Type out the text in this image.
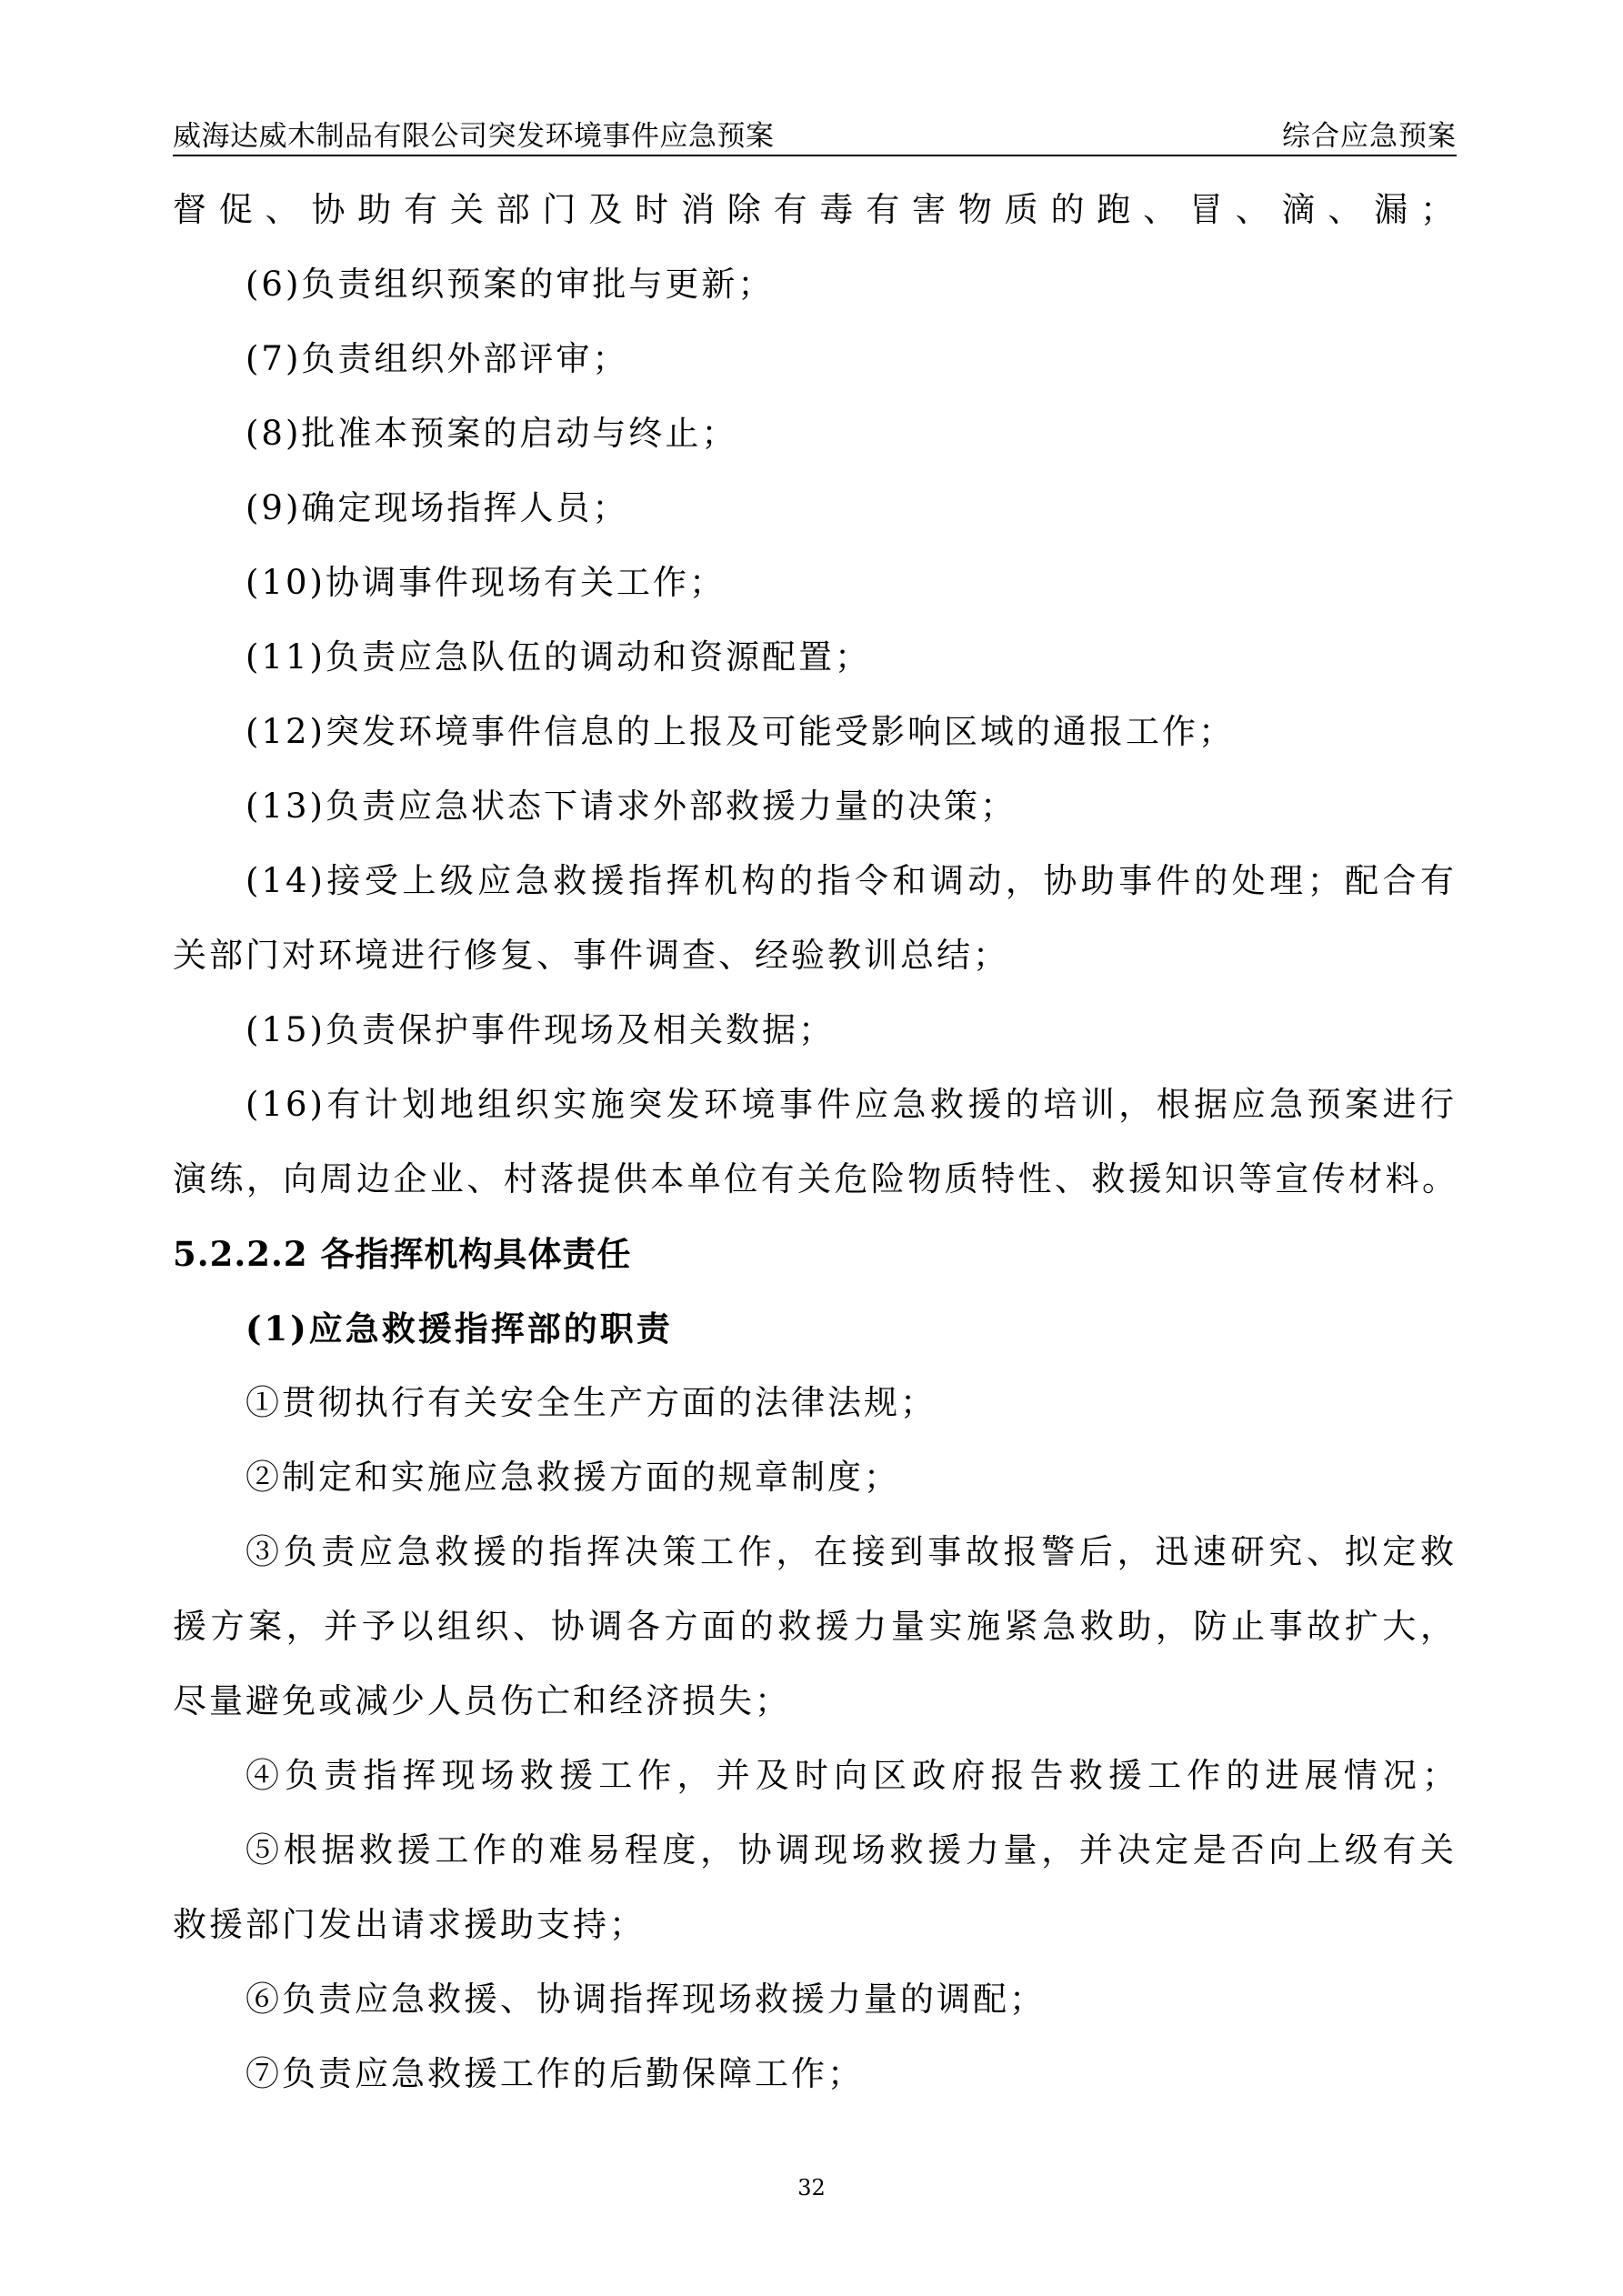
威海达威木制品有限公司突发环境事件应急预案	综合应急预案
督促、协助有关部门及时消除有毒有害物质的跑、冒、滴、漏；
(6)负责组织预案的审批与更新；
(7)负责组织外部评审；
(8)批准本预案的启动与终止；
(9)确定现场指挥人员；
(10)协调事件现场有关工作；
(11)负责应急队伍的调动和资源配置；
(12)突发环境事件信息的上报及可能受影响区域的通报工作；
(13)负责应急状态下请求外部救援力量的决策；
(14)接受上级应急救援指挥机构的指令和调动，协助事件的处理；配合有
关部门对环境进行修复、事件调查、经验教训总结；
(15)负责保护事件现场及相关数据；
(16)有计划地组织实施突发环境事件应急救援的培训，根据应急预案进行
演练，向周边企业、村落提供本单位有关危险物质特性、救援知识等宣传材料。
5.2.2.2 各指挥机构具体责任
(1)应急救援指挥部的职责
①贯彻执行有关安全生产方面的法律法规；
②制定和实施应急救援方面的规章制度；
③负责应急救援的指挥决策工作，在接到事故报警后，迅速研究、拟定救
援方案，并予以组织、协调各方面的救援力量实施紧急救助，防止事故扩大，
尽量避免或减少人员伤亡和经济损失；
④负责指挥现场救援工作，并及时向区政府报告救援工作的进展情况；
⑤根据救援工作的难易程度，协调现场救援力量，并决定是否向上级有关
救援部门发出请求援助支持；
⑥负责应急救援、协调指挥现场救援力量的调配；
⑦负责应急救援工作的后勤保障工作；
32
